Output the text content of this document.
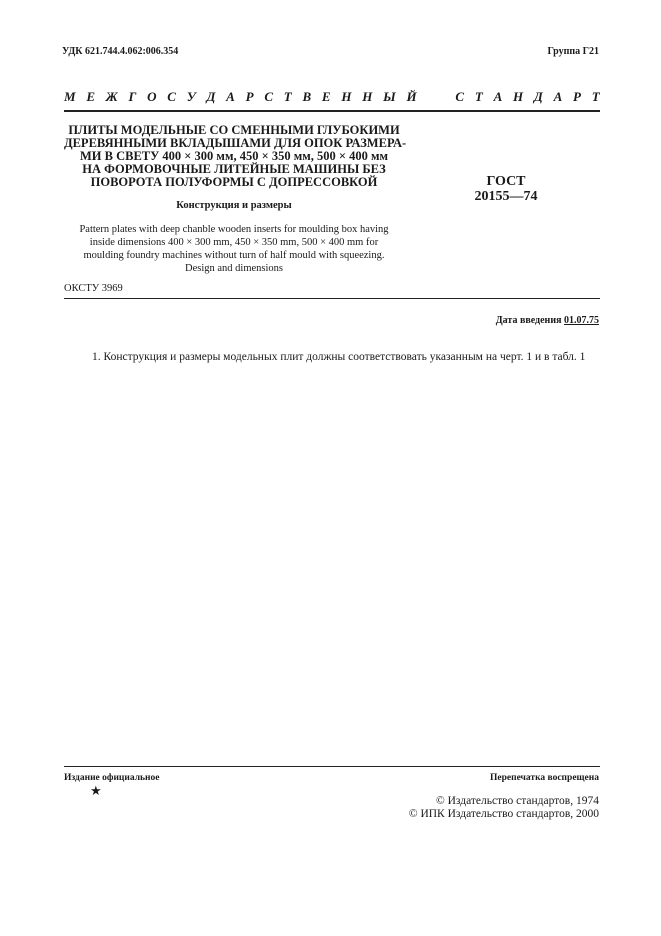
УДК 621.744.4.062:006.354	Группа Г21
М Е Ж Г О С У Д А Р С Т В Е Н Н Ы Й

	С Т А Н Д А Р Т
ПЛИТЫ МОДЕЛЬНЫЕ СО СМЕННЫМИ ГЛУБОКИМИ
ДЕРЕВЯННЫМИ ВКЛАДЫШАМИ ДЛЯ ОПОК РАЗМЕРА-
МИ В СВЕТУ 400 × 300 мм, 450 × 350 мм, 500 × 400 мм
НА ФОРМОВОЧНЫЕ ЛИТЕЙНЫЕ МАШИНЫ БЕЗ
ПОВОРОТА ПОЛУФОРМЫ С ДОПРЕССОВКОЙ	ГОСТ
20155—74
Конструкция и размеры
Pattern plates with deep chanble wooden inserts for moulding box having
inside dimensions 400 × 300 mm, 450 × 350 mm, 500 × 400 mm for
moulding foundry machines without turn of half mould with squeezing.
Design and dimensions
ОКСТУ 3969
Дата введения 01.07.75
1. Конструкция и размеры модельных плит должны соответствовать указанным на черт. 1 и в табл. 1
Издание официальное
★
Перепечатка воспрещена
© Издательство стандартов, 1974
© ИПК Издательство стандартов, 2000
